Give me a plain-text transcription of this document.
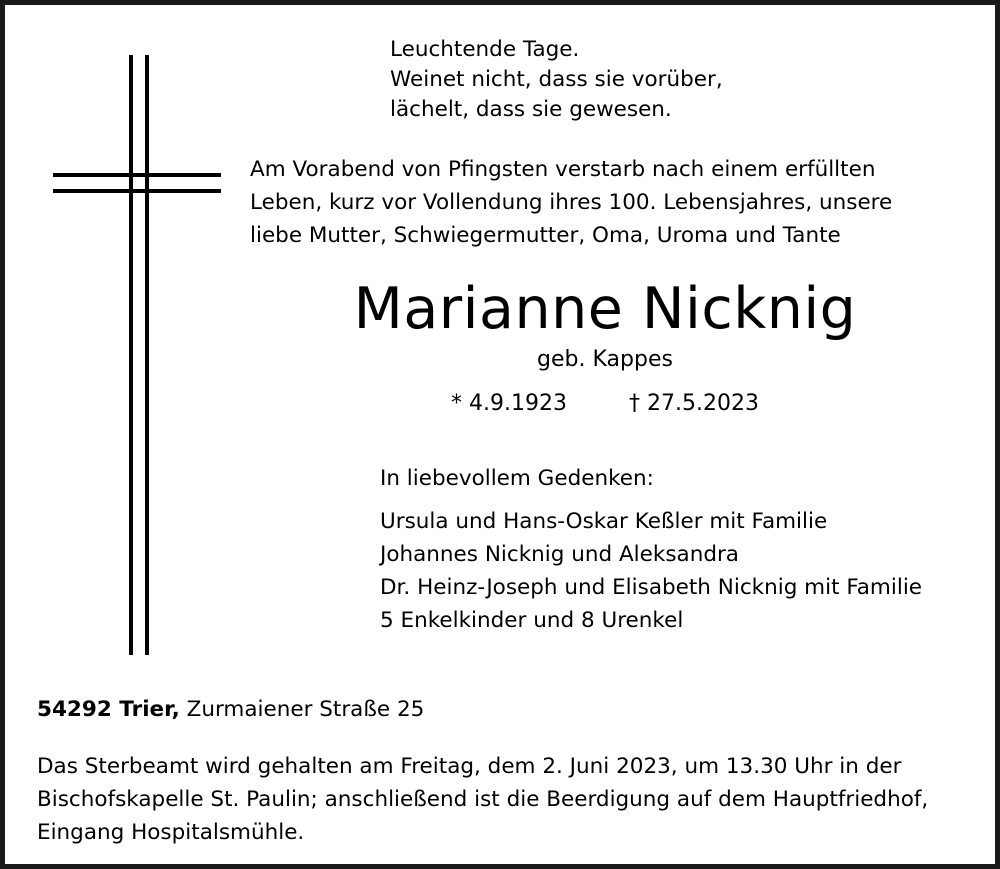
Leuchtende Tage.
Weinet nicht, dass sie vorüber,
lächelt, dass sie gewesen.
Am Vorabend von Pfingsten verstarb nach einem erfüllten
Leben, kurz vor Vollendung ihres 100. Lebensjahres, unsere
liebe Mutter, Schwiegermutter, Oma, Uroma und Tante
Marianne Nicknig
geb. Kappes
* 4.9.1923	† 27.5.2023
In liebevollem Gedenken:
Ursula und Hans-Oskar Keßler mit Familie
Johannes Nicknig und Aleksandra
Dr. Heinz-Joseph und Elisabeth Nicknig mit Familie
5 Enkelkinder und 8 Urenkel
54292 Trier, Zurmaiener Straße 25
Das Sterbeamt wird gehalten am Freitag, dem 2. Juni 2023, um 13.30 Uhr in der
Bischofskapelle St. Paulin; anschließend ist die Beerdigung auf dem Hauptfriedhof,
Eingang Hospitalsmühle.
